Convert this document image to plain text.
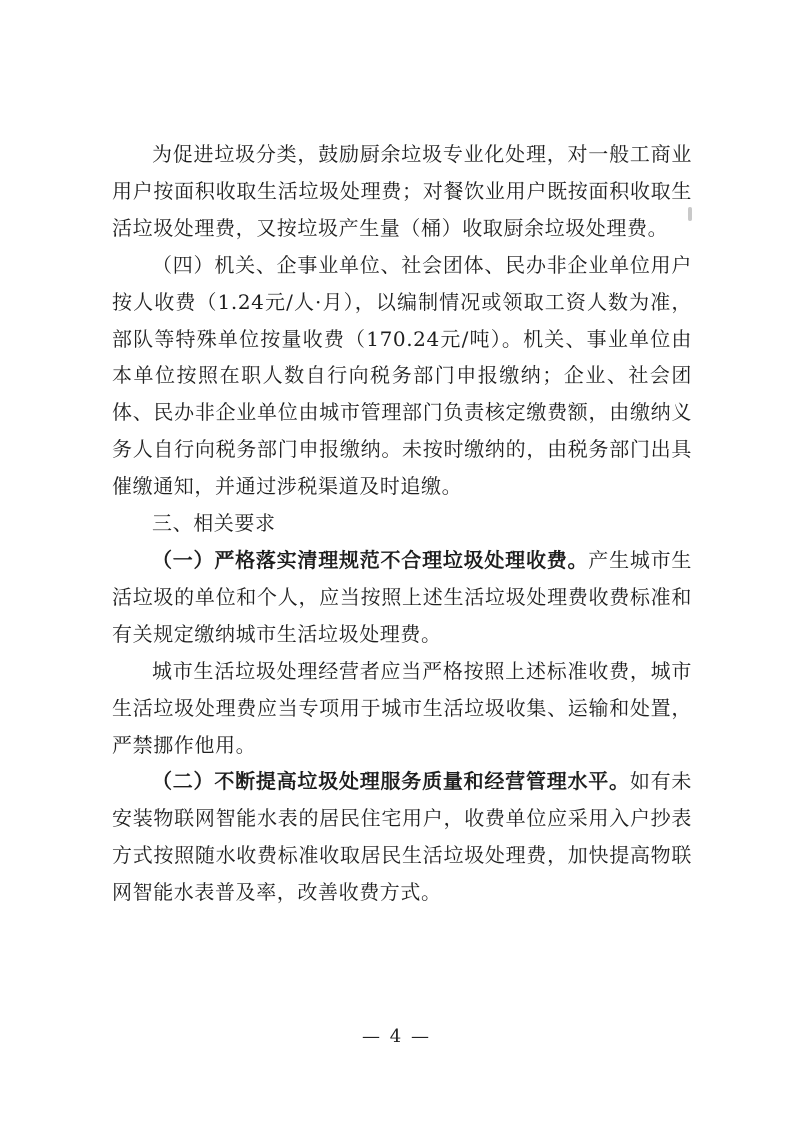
为促进垃圾分类，鼓励厨余垃圾专业化处理，对一般工商业用户按面积收取生活垃圾处理费；对餐饮业用户既按面积收取生活垃圾处理费，又按垃圾产生量（桶）收取厨余垃圾处理费。

（四）机关、企事业单位、社会团体、民办非企业单位用户按人收费（1.24元/人·月），以编制情况或领取工资人数为准，部队等特殊单位按量收费（170.24元/吨）。机关、事业单位由本单位按照在职人数自行向税务部门申报缴纳；企业、社会团体、民办非企业单位由城市管理部门负责核定缴费额，由缴纳义务人自行向税务部门申报缴纳。未按时缴纳的，由税务部门出具催缴通知，并通过涉税渠道及时追缴。

三、相关要求

（一）严格落实清理规范不合理垃圾处理收费。产生城市生活垃圾的单位和个人，应当按照上述生活垃圾处理费收费标准和有关规定缴纳城市生活垃圾处理费。

城市生活垃圾处理经营者应当严格按照上述标准收费，城市生活垃圾处理费应当专项用于城市生活垃圾收集、运输和处置，严禁挪作他用。

（二）不断提高垃圾处理服务质量和经营管理水平。如有未安装物联网智能水表的居民住宅用户，收费单位应采用入户抄表方式按照随水收费标准收取居民生活垃圾处理费，加快提高物联网智能水表普及率，改善收费方式。

— 4 —
